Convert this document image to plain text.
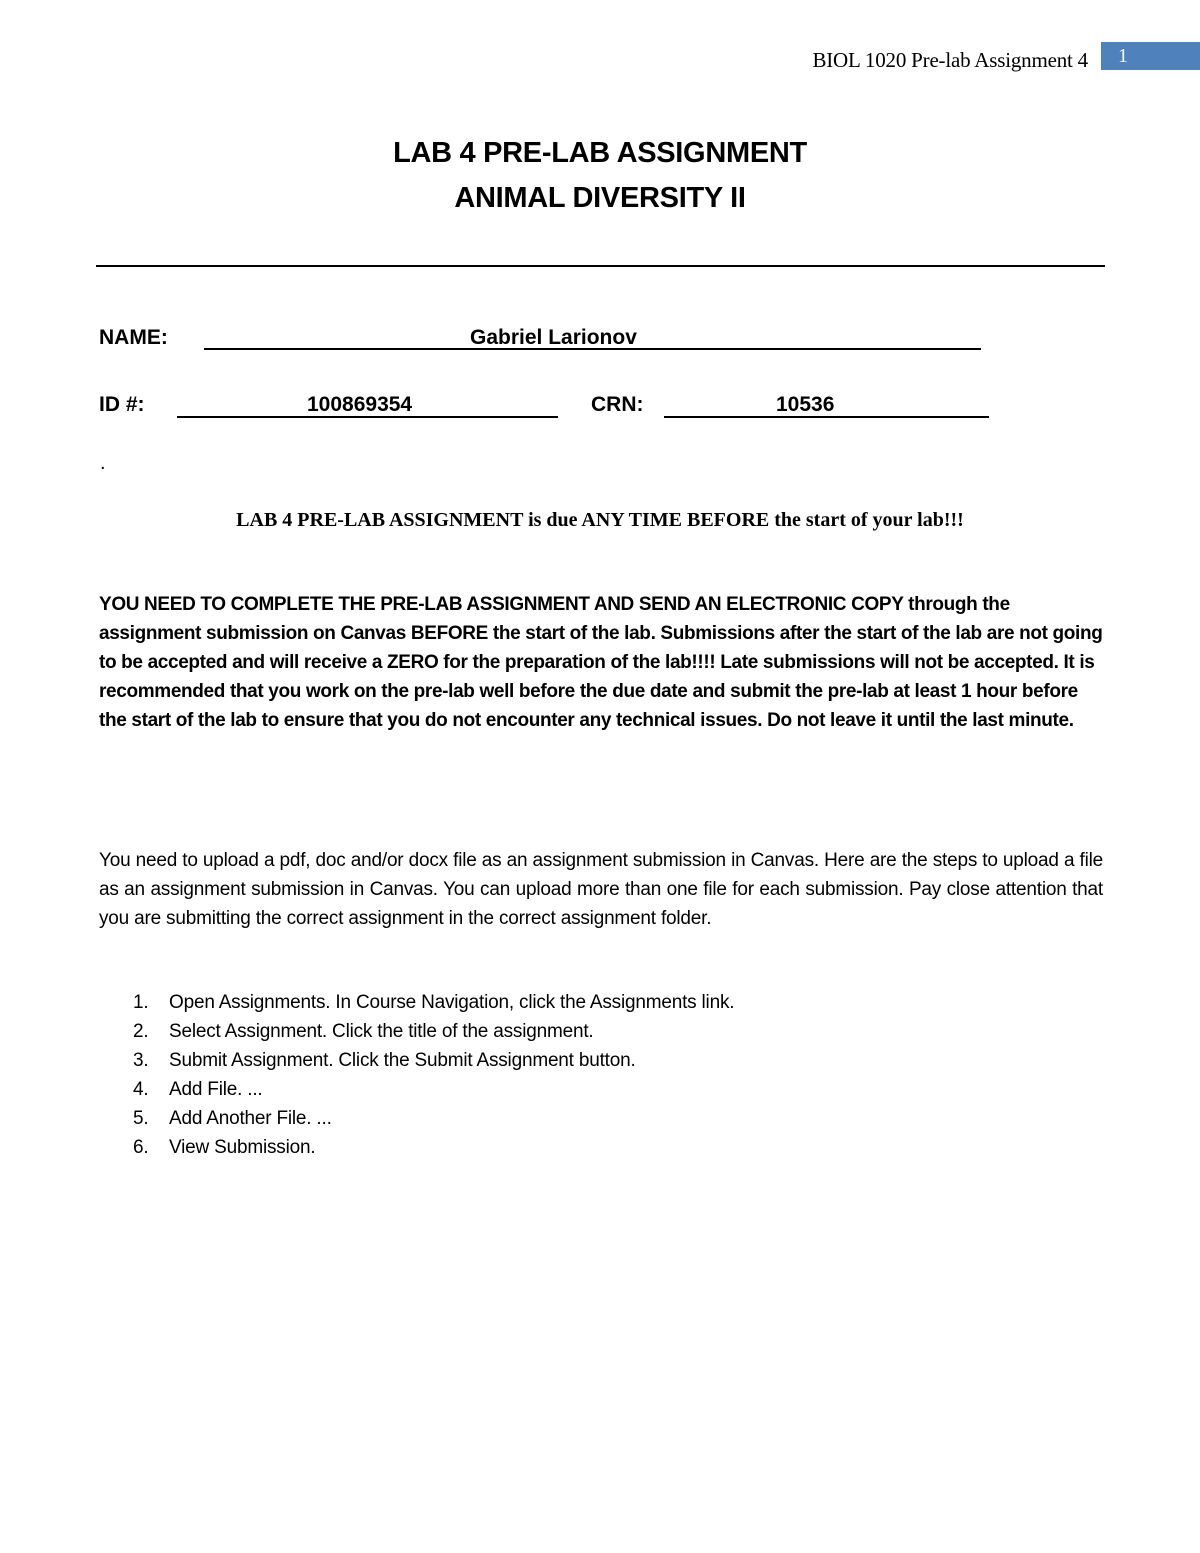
BIOL 1020 Pre-lab Assignment 4	1
LAB 4 PRE-LAB ASSIGNMENT
ANIMAL DIVERSITY II
NAME:	Gabriel Larionov
ID #:	100869354	CRN:	10536
.
LAB 4 PRE-LAB ASSIGNMENT is due ANY TIME BEFORE the start of your lab!!!
YOU NEED TO COMPLETE THE PRE-LAB ASSIGNMENT AND SEND AN ELECTRONIC COPY through the assignment submission on Canvas BEFORE the start of the lab. Submissions after the start of the lab are not going to be accepted and will receive a ZERO for the preparation of the lab!!!! Late submissions will not be accepted. It is recommended that you work on the pre-lab well before the due date and submit the pre-lab at least 1 hour before the start of the lab to ensure that you do not encounter any technical issues. Do not leave it until the last minute.
You need to upload a pdf, doc and/or docx file as an assignment submission in Canvas. Here are the steps to upload a file as an assignment submission in Canvas. You can upload more than one file for each submission. Pay close attention that you are submitting the correct assignment in the correct assignment folder.
1. Open Assignments. In Course Navigation, click the Assignments link.
2. Select Assignment. Click the title of the assignment.
3. Submit Assignment. Click the Submit Assignment button.
4. Add File. ...
5. Add Another File. ...
6. View Submission.
